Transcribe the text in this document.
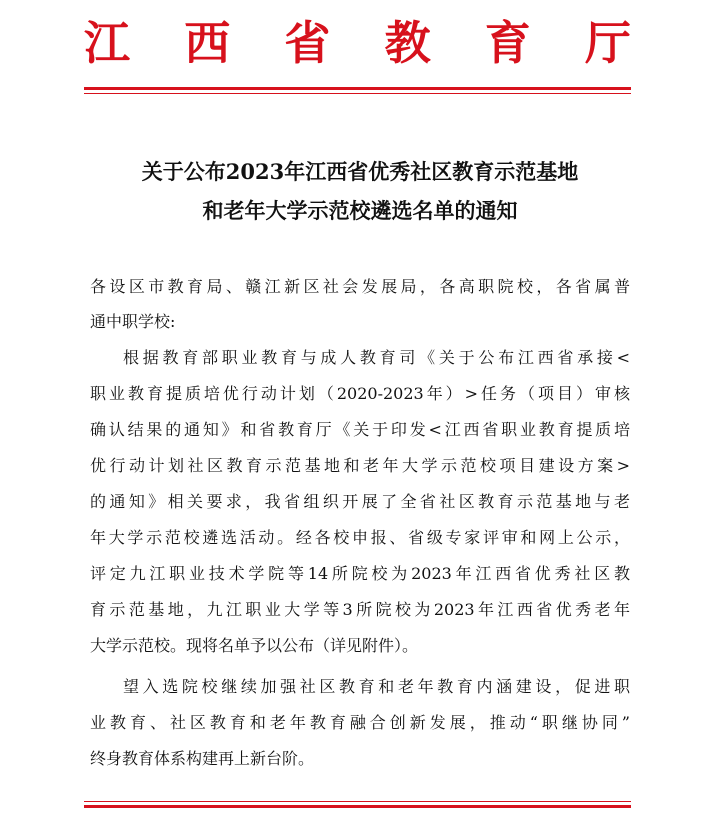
江 西 省 教 育 厅
关于公布2023年江西省优秀社区教育示范基地
和老年大学示范校遴选名单的通知
各设区市教育局、赣江新区社会发展局，各高职院校，各省属普
通中职学校:
根据教育部职业教育与成人教育司《关于公布江西省承接<
职业教育提质培优行动计划（2020-2023年）>任务（项目）审核
确认结果的通知》和省教育厅《关于印发<江西省职业教育提质培
优行动计划社区教育示范基地和老年大学示范校项目建设方案>
的通知》相关要求，我省组织开展了全省社区教育示范基地与老
年大学示范校遴选活动。经各校申报、省级专家评审和网上公示，
评定九江职业技术学院等14所院校为2023年江西省优秀社区教
育示范基地，九江职业大学等3所院校为2023年江西省优秀老年
大学示范校。现将名单予以公布（详见附件）。
望入选院校继续加强社区教育和老年教育内涵建设，促进职
业教育、社区教育和老年教育融合创新发展，推动“职继协同”
终身教育体系构建再上新台阶。
